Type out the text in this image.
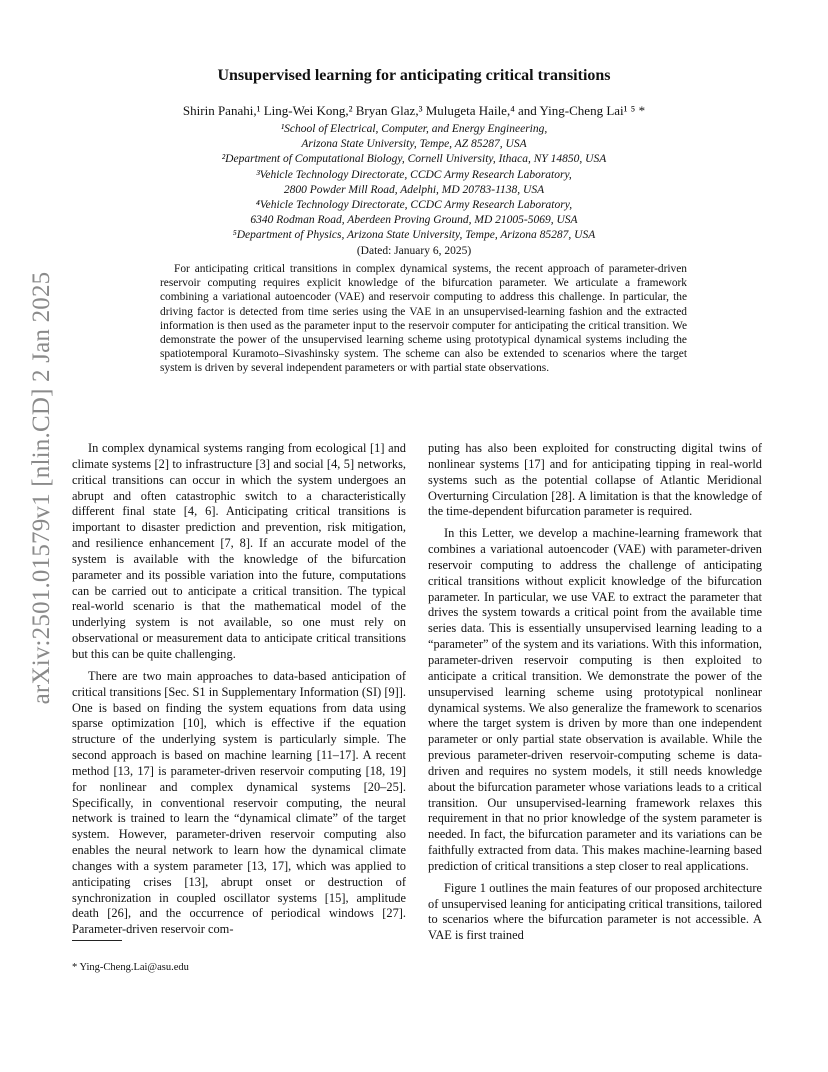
arXiv:2501.01579v1 [nlin.CD] 2 Jan 2025
Unsupervised learning for anticipating critical transitions
Shirin Panahi,¹ Ling-Wei Kong,² Bryan Glaz,³ Mulugeta Haile,⁴ and Ying-Cheng Lai¹ ⁵ *
¹School of Electrical, Computer, and Energy Engineering,
Arizona State University, Tempe, AZ 85287, USA
²Department of Computational Biology, Cornell University, Ithaca, NY 14850, USA
³Vehicle Technology Directorate, CCDC Army Research Laboratory,
2800 Powder Mill Road, Adelphi, MD 20783-1138, USA
⁴Vehicle Technology Directorate, CCDC Army Research Laboratory,
6340 Rodman Road, Aberdeen Proving Ground, MD 21005-5069, USA
⁵Department of Physics, Arizona State University, Tempe, Arizona 85287, USA
(Dated: January 6, 2025)
For anticipating critical transitions in complex dynamical systems, the recent approach of parameter-driven reservoir computing requires explicit knowledge of the bifurcation parameter. We articulate a framework combining a variational autoencoder (VAE) and reservoir computing to address this challenge. In particular, the driving factor is detected from time series using the VAE in an unsupervised-learning fashion and the extracted information is then used as the parameter input to the reservoir computer for anticipating the critical transition. We demonstrate the power of the unsupervised learning scheme using prototypical dynamical systems including the spatiotemporal Kuramoto–Sivashinsky system. The scheme can also be extended to scenarios where the target system is driven by several independent parameters or with partial state observations.

In complex dynamical systems ranging from ecological [1] and climate systems [2] to infrastructure [3] and social [4, 5] networks, critical transitions can occur in which the system undergoes an abrupt and often catastrophic switch to a characteristically different final state [4, 6]. Anticipating critical transitions is important to disaster prediction and prevention, risk mitigation, and resilience enhancement [7, 8]. If an accurate model of the system is available with the knowledge of the bifurcation parameter and its possible variation into the future, computations can be carried out to anticipate a critical transition. The typical real-world scenario is that the mathematical model of the underlying system is not available, so one must rely on observational or measurement data to anticipate critical transitions but this can be quite challenging.

There are two main approaches to data-based anticipation of critical transitions [Sec. S1 in Supplementary Information (SI) [9]]. One is based on finding the system equations from data using sparse optimization [10], which is effective if the equation structure of the underlying system is particularly simple. The second approach is based on machine learning [11–17]. A recent method [13, 17] is parameter-driven reservoir computing [18, 19] for nonlinear and complex dynamical systems [20–25]. Specifically, in conventional reservoir computing, the neural network is trained to learn the “dynamical climate” of the target system. However, parameter-driven reservoir computing also enables the neural network to learn how the dynamical climate changes with a system parameter [13, 17], which was applied to anticipating crises [13], abrupt onset or destruction of synchronization in coupled oscillator systems [15], amplitude death [26], and the occurrence of periodical windows [27]. Parameter-driven reservoir com-

puting has also been exploited for constructing digital twins of nonlinear systems [17] and for anticipating tipping in real-world systems such as the potential collapse of Atlantic Meridional Overturning Circulation [28]. A limitation is that the knowledge of the time-dependent bifurcation parameter is required.

In this Letter, we develop a machine-learning framework that combines a variational autoencoder (VAE) with parameter-driven reservoir computing to address the challenge of anticipating critical transitions without explicit knowledge of the bifurcation parameter. In particular, we use VAE to extract the parameter that drives the system towards a critical point from the available time series data. This is essentially unsupervised learning leading to a “parameter” of the system and its variations. With this information, parameter-driven reservoir computing is then exploited to anticipate a critical transition. We demonstrate the power of the unsupervised learning scheme using prototypical nonlinear dynamical systems. We also generalize the framework to scenarios where the target system is driven by more than one independent parameter or only partial state observation is available. While the previous parameter-driven reservoir-computing scheme is data-driven and requires no system models, it still needs knowledge about the bifurcation parameter whose variations leads to a critical transition. Our unsupervised-learning framework relaxes this requirement in that no prior knowledge of the system parameter is needed. In fact, the bifurcation parameter and its variations can be faithfully extracted from data. This makes machine-learning based prediction of critical transitions a step closer to real applications.

Figure 1 outlines the main features of our proposed architecture of unsupervised leaning for anticipating critical transitions, tailored to scenarios where the bifurcation parameter is not accessible. A VAE is first trained

* Ying-Cheng.Lai@asu.edu
